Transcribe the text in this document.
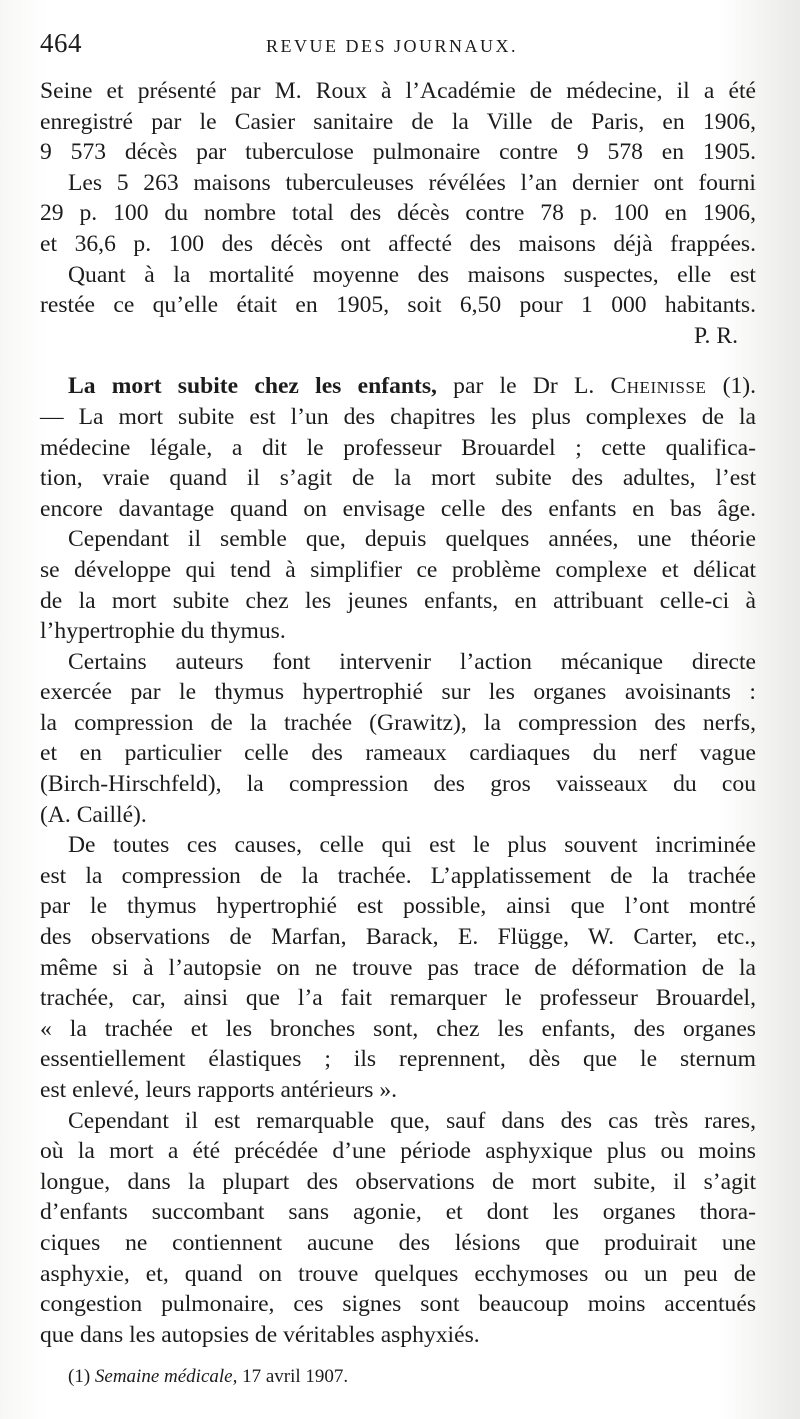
464	REVUE DES JOURNAUX.
Seine et présenté par M. Roux à l’Académie de médecine, il a été
enregistré par le Casier sanitaire de la Ville de Paris, en 1906,
9 573 décès par tuberculose pulmonaire contre 9 578 en 1905.
Les 5 263 maisons tuberculeuses révélées l’an dernier ont fourni
29 p. 100 du nombre total des décès contre 78 p. 100 en 1906,
et 36,6 p. 100 des décès ont affecté des maisons déjà frappées.
Quant à la mortalité moyenne des maisons suspectes, elle est
restée ce qu’elle était en 1905, soit 6,50 pour 1 000 habitants.
P. R.
La mort subite chez les enfants, par le Dr L. Cheinisse (1).
— La mort subite est l’un des chapitres les plus complexes de la
médecine légale, a dit le professeur Brouardel ; cette qualifica-
tion, vraie quand il s’agit de la mort subite des adultes, l’est
encore davantage quand on envisage celle des enfants en bas âge.
Cependant il semble que, depuis quelques années, une théorie
se développe qui tend à simplifier ce problème complexe et délicat
de la mort subite chez les jeunes enfants, en attribuant celle-ci à
l’hypertrophie du thymus.
Certains auteurs font intervenir l’action mécanique directe
exercée par le thymus hypertrophié sur les organes avoisinants :
la compression de la trachée (Grawitz), la compression des nerfs,
et en particulier celle des rameaux cardiaques du nerf vague
(Birch-Hirschfeld), la compression des gros vaisseaux du cou
(A. Caillé).
De toutes ces causes, celle qui est le plus souvent incriminée
est la compression de la trachée. L’applatissement de la trachée
par le thymus hypertrophié est possible, ainsi que l’ont montré
des observations de Marfan, Barack, E. Flügge, W. Carter, etc.,
même si à l’autopsie on ne trouve pas trace de déformation de la
trachée, car, ainsi que l’a fait remarquer le professeur Brouardel,
« la trachée et les bronches sont, chez les enfants, des organes
essentiellement élastiques ; ils reprennent, dès que le sternum
est enlevé, leurs rapports antérieurs ».
Cependant il est remarquable que, sauf dans des cas très rares,
où la mort a été précédée d’une période asphyxique plus ou moins
longue, dans la plupart des observations de mort subite, il s’agit
d’enfants succombant sans agonie, et dont les organes thora-
ciques ne contiennent aucune des lésions que produirait une
asphyxie, et, quand on trouve quelques ecchymoses ou un peu de
congestion pulmonaire, ces signes sont beaucoup moins accentués
que dans les autopsies de véritables asphyxiés.
(1) Semaine médicale, 17 avril 1907.
